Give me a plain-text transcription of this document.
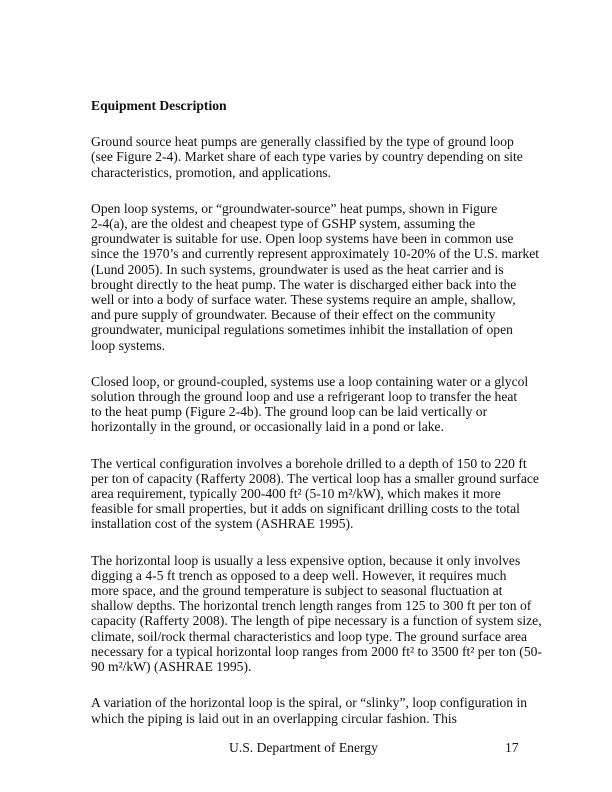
Equipment Description
Ground source heat pumps are generally classified by the type of ground loop
(see Figure 2-4). Market share of each type varies by country depending on site
characteristics, promotion, and applications.
Open loop systems, or “groundwater-source” heat pumps, shown in Figure
2-4(a), are the oldest and cheapest type of GSHP system, assuming the
groundwater is suitable for use. Open loop systems have been in common use
since the 1970’s and currently represent approximately 10-20% of the U.S. market
(Lund 2005). In such systems, groundwater is used as the heat carrier and is
brought directly to the heat pump. The water is discharged either back into the
well or into a body of surface water. These systems require an ample, shallow,
and pure supply of groundwater. Because of their effect on the community
groundwater, municipal regulations sometimes inhibit the installation of open
loop systems.
Closed loop, or ground-coupled, systems use a loop containing water or a glycol
solution through the ground loop and use a refrigerant loop to transfer the heat
to the heat pump (Figure 2-4b). The ground loop can be laid vertically or
horizontally in the ground, or occasionally laid in a pond or lake.
The vertical configuration involves a borehole drilled to a depth of 150 to 220 ft
per ton of capacity (Rafferty 2008). The vertical loop has a smaller ground surface
area requirement, typically 200-400 ft² (5-10 m²/kW), which makes it more
feasible for small properties, but it adds on significant drilling costs to the total
installation cost of the system (ASHRAE 1995).
The horizontal loop is usually a less expensive option, because it only involves
digging a 4-5 ft trench as opposed to a deep well. However, it requires much
more space, and the ground temperature is subject to seasonal fluctuation at
shallow depths. The horizontal trench length ranges from 125 to 300 ft per ton of
capacity (Rafferty 2008). The length of pipe necessary is a function of system size,
climate, soil/rock thermal characteristics and loop type. The ground surface area
necessary for a typical horizontal loop ranges from 2000 ft² to 3500 ft² per ton (50-
90 m²/kW) (ASHRAE 1995).
A variation of the horizontal loop is the spiral, or “slinky”, loop configuration in
which the piping is laid out in an overlapping circular fashion. This
U.S. Department of Energy	17
